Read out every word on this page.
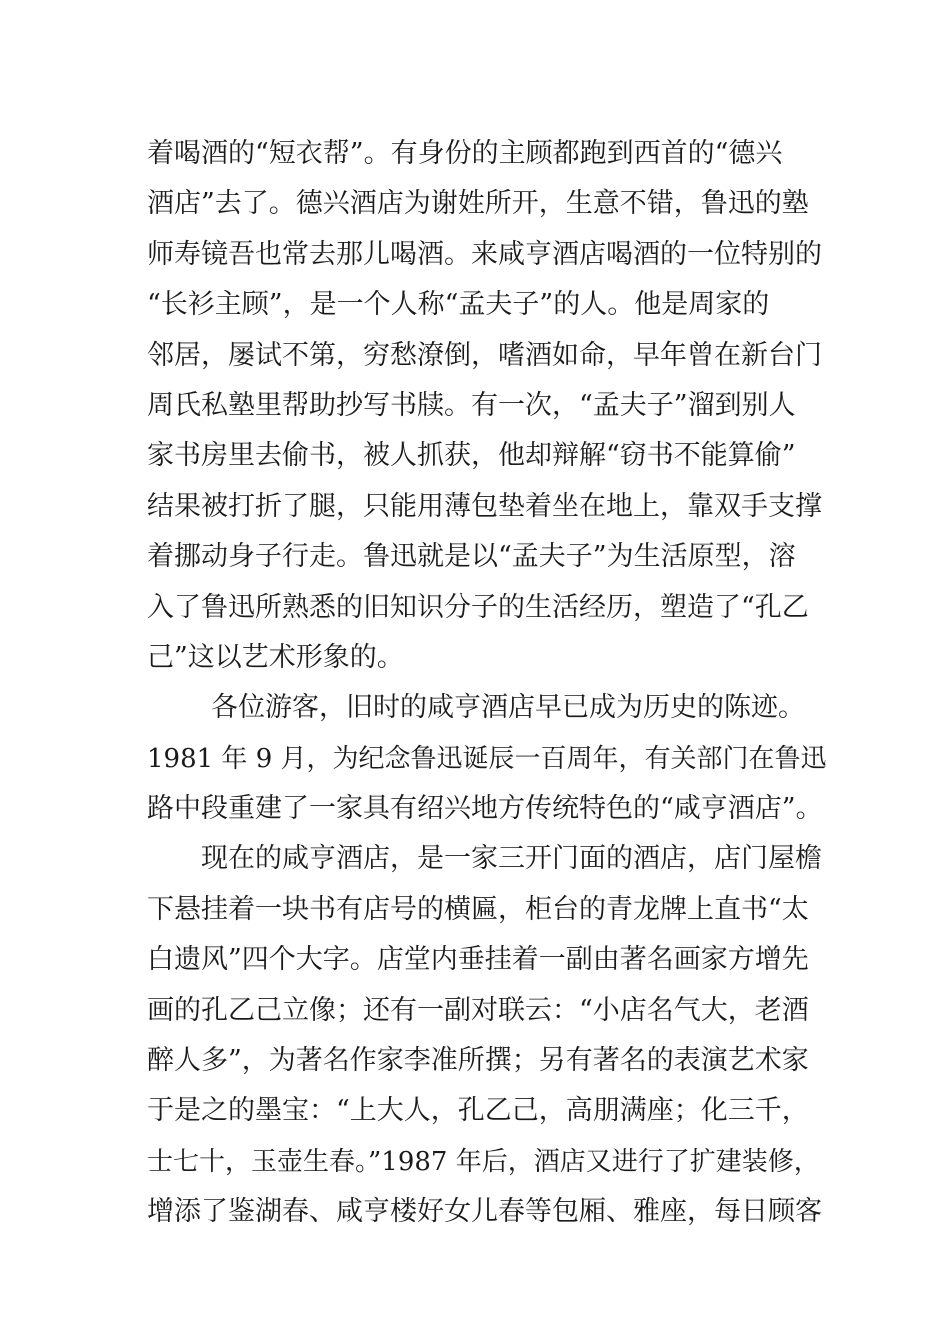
着喝酒的“短衣帮”。有身份的主顾都跑到西首的“德兴
酒店”去了。德兴酒店为谢姓所开，生意不错，鲁迅的塾
师寿镜吾也常去那儿喝酒。来咸亨酒店喝酒的一位特别的
“长衫主顾”，是一个人称“孟夫子”的人。他是周家的
邻居，屡试不第，穷愁潦倒，嗜酒如命，早年曾在新台门
周氏私塾里帮助抄写书牍。有一次，“孟夫子”溜到别人
家书房里去偷书，被人抓获，他却辩解“窃书不能算偷”
结果被打折了腿，只能用薄包垫着坐在地上，靠双手支撑
着挪动身子行走。鲁迅就是以“孟夫子”为生活原型，溶
入了鲁迅所熟悉的旧知识分子的生活经历，塑造了“孔乙
己”这以艺术形象的。
各位游客，旧时的咸亨酒店早已成为历史的陈迹。
1981 年 9 月，为纪念鲁迅诞辰一百周年，有关部门在鲁迅
路中段重建了一家具有绍兴地方传统特色的“咸亨酒店”。
现在的咸亨酒店，是一家三开门面的酒店，店门屋檐
下悬挂着一块书有店号的横匾，柜台的青龙牌上直书“太
白遗风”四个大字。店堂内垂挂着一副由著名画家方增先
画的孔乙己立像；还有一副对联云：“小店名气大，老酒
醉人多”，为著名作家李准所撰；另有著名的表演艺术家
于是之的墨宝：“上大人，孔乙己，高朋满座；化三千，
士七十，玉壶生春。”1987 年后，酒店又进行了扩建装修，
增添了鉴湖春、咸亨楼好女儿春等包厢、雅座，每日顾客
